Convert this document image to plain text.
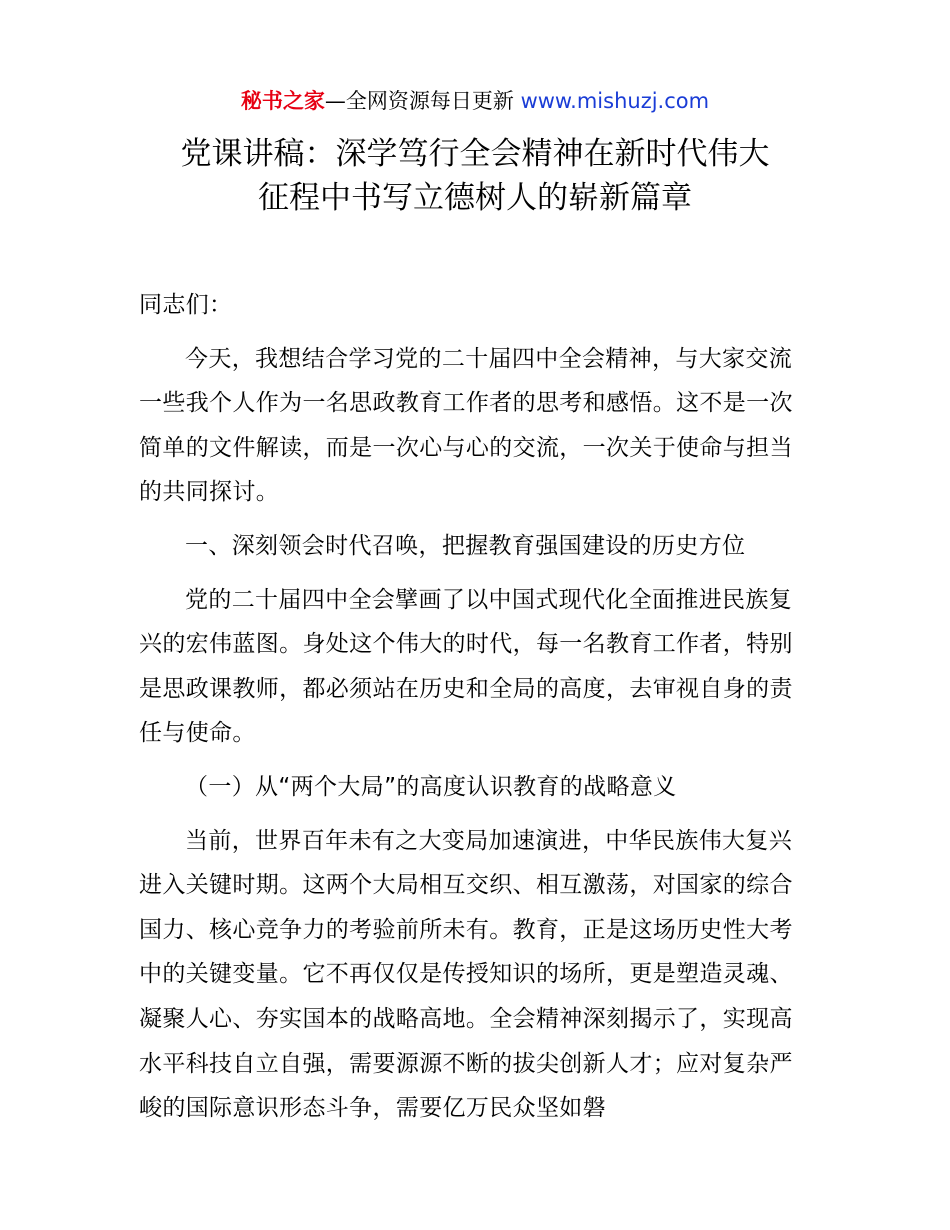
秘书之家—全网资源每日更新 www.mishuzj.com
党课讲稿：深学笃行全会精神在新时代伟大
征程中书写立德树人的崭新篇章

同志们：

今天，我想结合学习党的二十届四中全会精神，与大家交流一些我个人作为一名思政教育工作者的思考和感悟。这不是一次简单的文件解读，而是一次心与心的交流，一次关于使命与担当的共同探讨。

一、深刻领会时代召唤，把握教育强国建设的历史方位

党的二十届四中全会擘画了以中国式现代化全面推进民族复兴的宏伟蓝图。身处这个伟大的时代，每一名教育工作者，特别是思政课教师，都必须站在历史和全局的高度，去审视自身的责任与使命。

（一）从“两个大局”的高度认识教育的战略意义

当前，世界百年未有之大变局加速演进，中华民族伟大复兴进入关键时期。这两个大局相互交织、相互激荡，对国家的综合国力、核心竞争力的考验前所未有。教育，正是这场历史性大考中的关键变量。它不再仅仅是传授知识的场所，更是塑造灵魂、凝聚人心、夯实国本的战略高地。全会精神深刻揭示了，实现高水平科技自立自强，需要源源不断的拔尖创新人才；应对复杂严峻的国际意识形态斗争，需要亿万民众坚如磐
